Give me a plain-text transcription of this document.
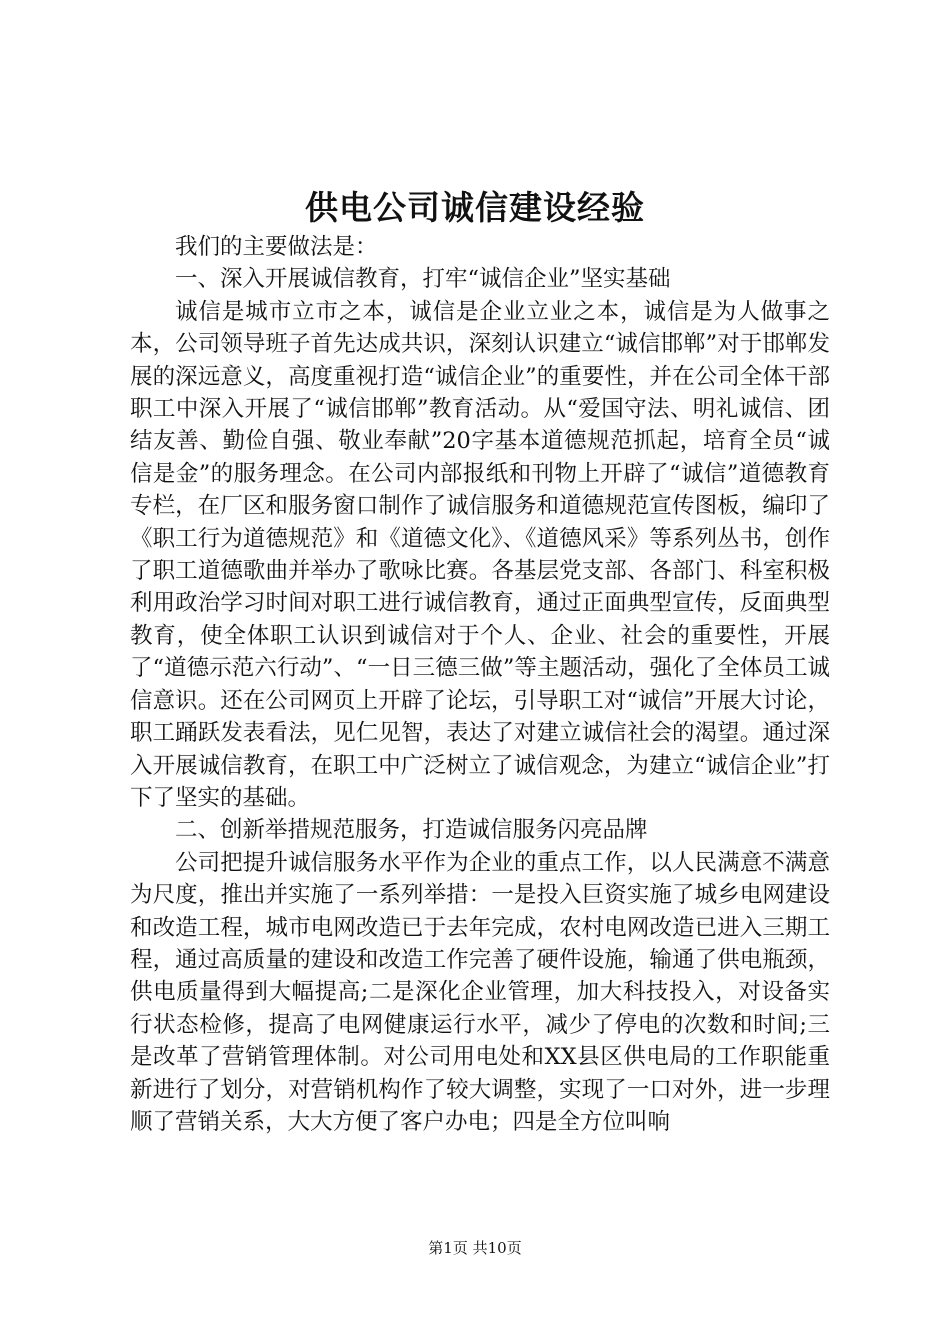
供电公司诚信建设经验

我们的主要做法是：

一、深入开展诚信教育，打牢“诚信企业”坚实基础

诚信是城市立市之本，诚信是企业立业之本，诚信是为人做事之本，公司领导班子首先达成共识，深刻认识建立“诚信邯郸”对于邯郸发展的深远意义，高度重视打造“诚信企业”的重要性，并在公司全体干部职工中深入开展了“诚信邯郸”教育活动。从“爱国守法、明礼诚信、团结友善、勤俭自强、敬业奉献”20字基本道德规范抓起，培育全员“诚信是金”的服务理念。在公司内部报纸和刊物上开辟了“诚信”道德教育专栏，在厂区和服务窗口制作了诚信服务和道德规范宣传图板，编印了《职工行为道德规范》和《道德文化》、《道德风采》等系列丛书，创作了职工道德歌曲并举办了歌咏比赛。各基层党支部、各部门、科室积极利用政治学习时间对职工进行诚信教育，通过正面典型宣传，反面典型教育，使全体职工认识到诚信对于个人、企业、社会的重要性，开展了“道德示范六行动”、“一日三德三做”等主题活动，强化了全体员工诚信意识。还在公司网页上开辟了论坛，引导职工对“诚信”开展大讨论，职工踊跃发表看法，见仁见智，表达了对建立诚信社会的渴望。通过深入开展诚信教育，在职工中广泛树立了诚信观念，为建立“诚信企业”打下了坚实的基础。

二、创新举措规范服务，打造诚信服务闪亮品牌

公司把提升诚信服务水平作为企业的重点工作，以人民满意不满意为尺度，推出并实施了一系列举措：一是投入巨资实施了城乡电网建设和改造工程，城市电网改造已于去年完成，农村电网改造已进入三期工程，通过高质量的建设和改造工作完善了硬件设施，输通了供电瓶颈，供电质量得到大幅提高;二是深化企业管理，加大科技投入，对设备实行状态检修，提高了电网健康运行水平，减少了停电的次数和时间;三是改革了营销管理体制。对公司用电处和XX县区供电局的工作职能重新进行了划分，对营销机构作了较大调整，实现了一口对外，进一步理顺了营销关系，大大方便了客户办电；四是全方位叫响

第1页 共10页
